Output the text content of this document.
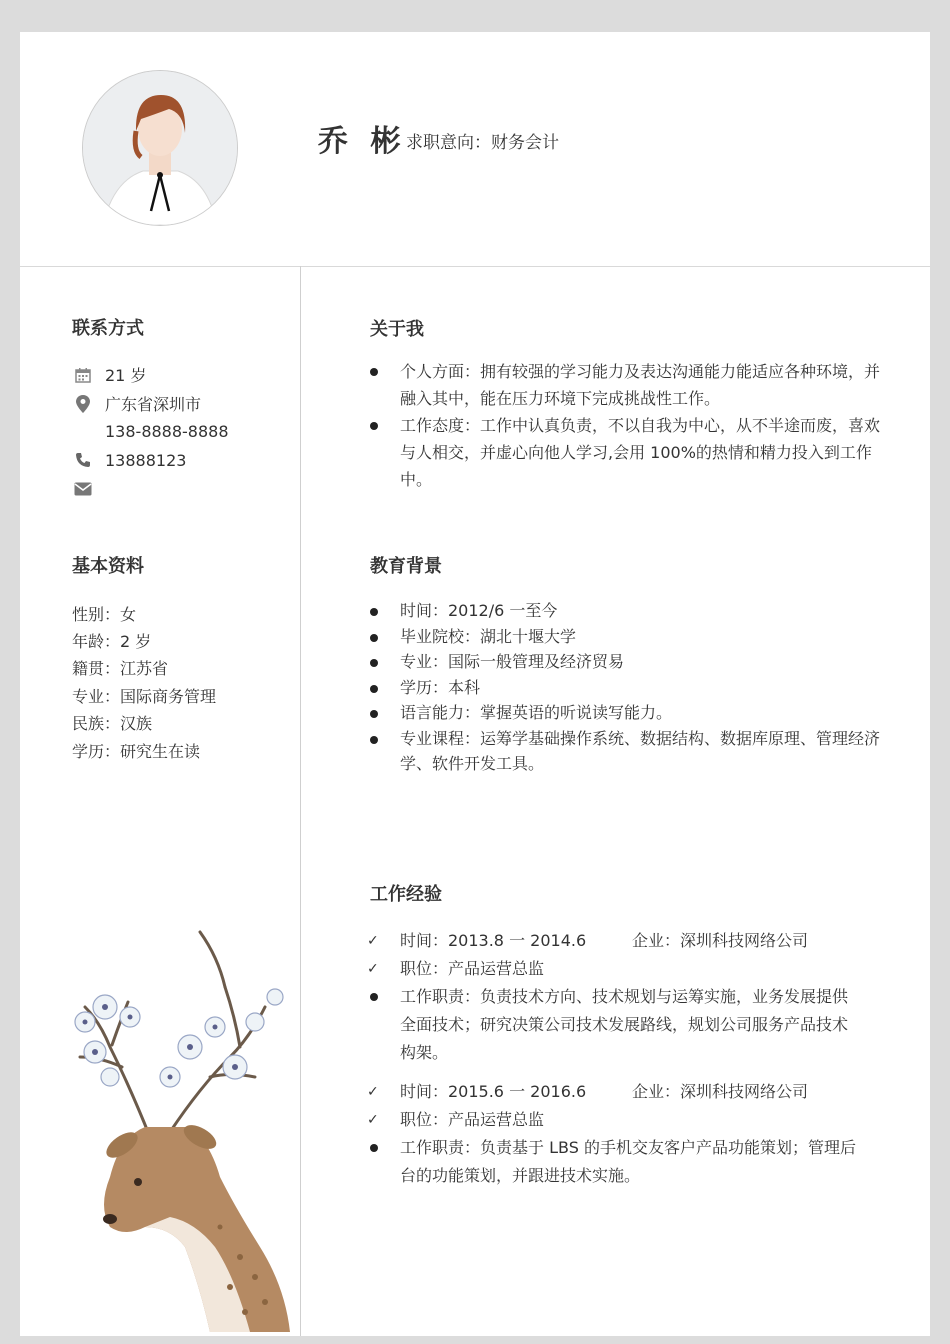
乔 彬 求职意向：财务会计
联系方式
21 岁
广东省深圳市
138-8888-8888
13888123
基本资料
性别：女
年龄：2 岁
籍贯：江苏省
专业：国际商务管理
民族：汉族
学历：研究生在读
关于我
个人方面：拥有较强的学习能力及表达沟通能力能适应各种环境，并融入其中，能在压力环境下完成挑战性工作。
工作态度：工作中认真负责，不以自我为中心，从不半途而废，喜欢与人相交，并虚心向他人学习,会用 100%的热情和精力投入到工作中。
教育背景
时间：2012/6 一至今
毕业院校：湖北十堰大学
专业：国际一般管理及经济贸易
学历：本科
语言能力：掌握英语的听说读写能力。
专业课程：运筹学基础操作系统、数据结构、数据库原理、管理经济学、软件开发工具。
工作经验
✓ 时间：2013.8 一 2014.6	企业：深圳科技网络公司
✓ 职位：产品运营总监
工作职责：负责技术方向、技术规划与运筹实施，业务发展提供全面技术；研究决策公司技术发展路线，规划公司服务产品技术构架。
✓ 时间：2015.6 一 2016.6	企业：深圳科技网络公司
✓ 职位：产品运营总监
工作职责：负责基于 LBS 的手机交友客户产品功能策划；管理后台的功能策划，并跟进技术实施。
